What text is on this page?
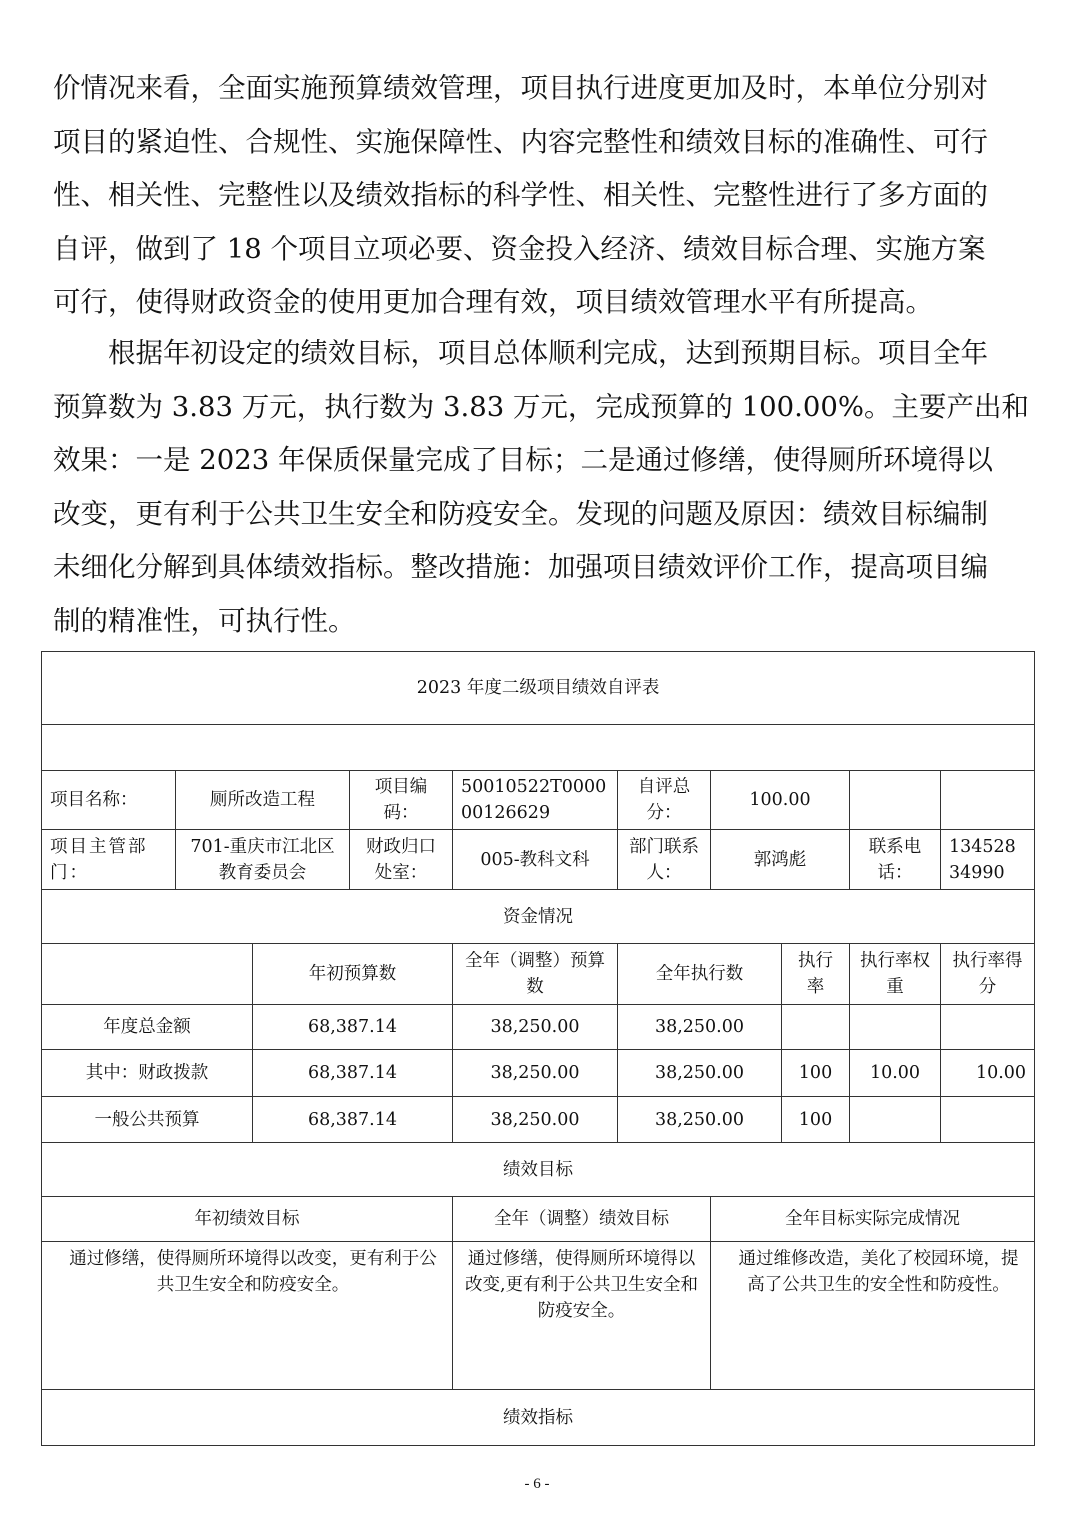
价情况来看，全面实施预算绩效管理，项目执行进度更加及时，本单位分别对
项目的紧迫性、合规性、实施保障性、内容完整性和绩效目标的准确性、可行
性、相关性、完整性以及绩效指标的科学性、相关性、完整性进行了多方面的
自评，做到了 18 个项目立项必要、资金投入经济、绩效目标合理、实施方案
可行，使得财政资金的使用更加合理有效，项目绩效管理水平有所提高。
　　根据年初设定的绩效目标，项目总体顺利完成，达到预期目标。项目全年
预算数为 3.83 万元，执行数为 3.83 万元，完成预算的 100.00%。主要产出和
效果：一是 2023 年保质保量完成了目标；二是通过修缮，使得厕所环境得以
改变，更有利于公共卫生安全和防疫安全。发现的问题及原因：绩效目标编制
未细化分解到具体绩效指标。整改措施：加强项目绩效评价工作，提高项目编
制的精准性，可执行性。
2023 年度二级项目绩效自评表									

项目名称：	厕所改造工程		项目编码：	50010522T000000126629	自评总分：	100.00			
项目主管部门：	701-重庆市江北区教育委员会		财政归口处室：	005-教科文科	部门联系人：	郭鸿彪		联系电话：	13452834990
资金情况									
		年初预算数		全年（调整）预算数	全年执行数		执行率	执行率权重	执行率得分
年度总金额		68,387.14		38,250.00	38,250.00				
其中：财政拨款		68,387.14		38,250.00	38,250.00		100	10.00	10.00
一般公共预算		68,387.14		38,250.00	38,250.00		100		
绩效目标									
年初绩效目标				全年（调整）绩效目标		全年目标实际完成情况			
通过修缮，使得厕所环境得以改变，更有利于公共卫生安全和防疫安全。				通过修缮，使得厕所环境得以改变,更有利于公共卫生安全和防疫安全。		通过维修改造，美化了校园环境，提高了公共卫生的安全性和防疫性。			
绩效指标									
- 6 -
